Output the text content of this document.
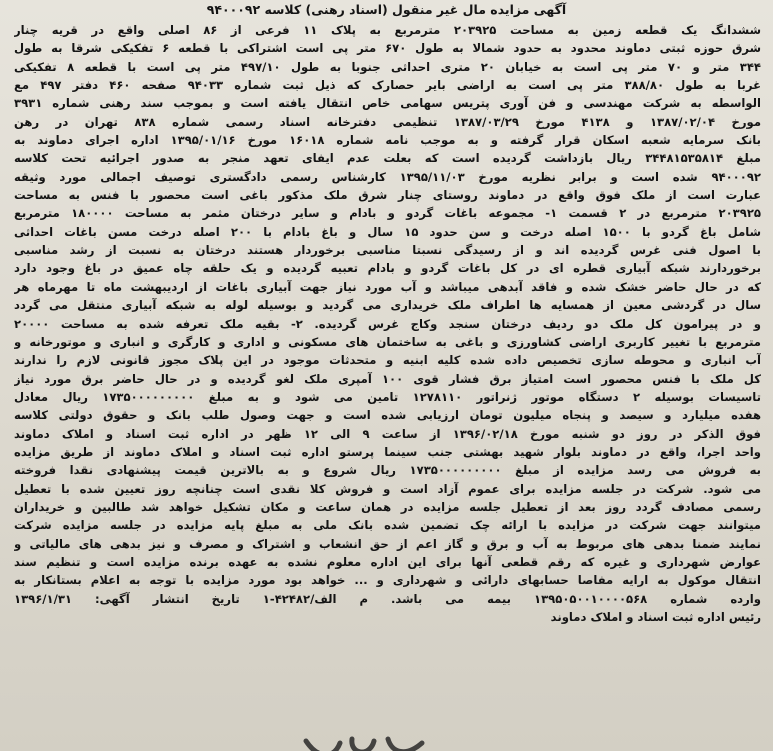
آگهی مزایده مال غیر منقول (اسناد رهنی) کلاسه ۹۴۰۰۰۹۲
ششدانگ یک قطعه زمین به مساحت ۲۰۳۹۲۵ مترمربع به پلاک ۱۱ فرعی از ۸۶ اصلی واقع در قریه چنار
شرق حوزه ثبتی دماوند محدود به حدود شمالا به طول ۶۷۰ متر پی است اشتراکی با قطعه ۶ تفکیکی شرقا به طول
۳۴۴ متر و ۷۰ متر پی است به خیابان ۲۰ متری احداثی جنوبا به طول ۴۹۷/۱۰ متر پی است با قطعه ۸ تفکیکی
غربا به طول ۳۸۸/۸۰ متر پی است به اراضی بایر حصارک که ذیل ثبت شماره ۹۴۰۳۳ صفحه ۴۶۰ دفتر ۴۹۷ مع
الواسطه به شرکت مهندسی و فن آوری پتریس سهامی خاص انتقال یافته است و بموجب سند رهنی شماره ۳۹۳۱
مورخ ۱۳۸۷/۰۲/۰۴ و ۴۱۳۸ مورخ ۱۳۸۷/۰۳/۲۹ تنظیمی دفترخانه اسناد رسمی شماره ۸۳۸ تهران در رهن
بانک سرمایه شعبه اسکان قرار گرفته و به موجب نامه شماره ۱۶۰۱۸ مورخ ۱۳۹۵/۰۱/۱۶ اداره اجرای دماوند به
مبلغ ۳۴۴۸۱۵۳۵۸۱۴ ریال بازداشت گردیده است که بعلت عدم ایفای تعهد منجر به صدور اجرائیه تحت کلاسه
۹۴۰۰۰۹۲ شده است و برابر نظریه مورخ ۱۳۹۵/۱۱/۰۳ کارشناس رسمی دادگستری توصیف اجمالی مورد وثیقه
عبارت است از ملک فوق واقع در دماوند روستای چنار شرق ملک مذکور باغی است محصور با فنس به مساحت
۲۰۳۹۲۵ مترمربع در ۲ قسمت ۱- مجموعه باغات گردو و بادام و سایر درختان مثمر به مساحت ۱۸۰۰۰۰ مترمربع
شامل باغ گردو با ۱۵۰۰ اصله درخت و سن حدود ۱۵ سال و باغ بادام با ۲۰۰ اصله درخت مسن باغات احداثی
با اصول فنی غرس گردیده اند و از رسیدگی نسبتا مناسبی برخوردار هستند درختان به نسبت از رشد مناسبی
برخوردارند شبکه آبیاری قطره ای در کل باغات گردو و بادام تعبیه گردیده و یک حلقه چاه عمیق در باغ وجود دارد
که در حال حاضر خشک شده و فاقد آبدهی میباشد و آب مورد نیاز جهت آبیاری باغات از اردیبهشت ماه تا مهرماه هر
سال در گردشی معین از همسایه ها اطراف ملک خریداری می گردید و بوسیله لوله به شبکه آبیاری منتقل می گردد
و در پیرامون کل ملک دو ردیف درختان سنجد وکاج غرس گردیده. ۲- بقیه ملک تعرفه شده به مساحت ۲۰۰۰۰
مترمربع با تغییر کاربری اراضی کشاورزی و باغی به ساختمان های مسکونی و اداری و کارگری و انباری و موتورخانه و
آب انباری و محوطه سازی تخصیص داده شده کلیه ابنیه و متحدثات موجود در این پلاک مجوز قانونی لازم را ندارند
کل ملک با فنس محصور است امتیاز برق فشار قوی ۱۰۰ آمپری ملک لغو گردیده و در حال حاضر برق مورد نیاز
تاسیسات بوسیله ۲ دستگاه موتور ژنراتور ۱۲۷۸۱۱۰ تامین می شود و به مبلغ ۱۷۳۵۰۰۰۰۰۰۰۰۰ ریال معادل
هفده میلیارد و سیصد و پنجاه میلیون تومان ارزیابی شده است و جهت وصول طلب بانک و حقوق دولتی کلاسه
فوق الذکر در روز دو شنبه مورخ ۱۳۹۶/۰۲/۱۸ از ساعت ۹ الی ۱۲ ظهر در اداره ثبت اسناد و املاک دماوند
واحد اجرا، واقع در دماوند بلوار شهید بهشتی جنب سینما پرستو اداره ثبت اسناد و املاک دماوند از طریق مزایده
به فروش می رسد مزایده از مبلغ ۱۷۳۵۰۰۰۰۰۰۰۰۰ ریال شروع و به بالاترین قیمت پیشنهادی نقدا فروخته
می شود. شرکت در جلسه مزایده برای عموم آزاد است و فروش کلا نقدی است چنانچه روز تعیین شده با تعطیل
رسمی مصادف گردد روز بعد از تعطیل جلسه مزایده در همان ساعت و مکان تشکیل خواهد شد طالبین و خریداران
میتوانند جهت شرکت در مزایده با ارائه چک تضمین شده بانک ملی به مبلغ پایه مزایده در جلسه مزایده شرکت
نمایند ضمنا بدهی های مربوط به آب و برق و گاز اعم از حق انشعاب و اشتراک و مصرف و نیز بدهی های مالیاتی و
عوارض شهرداری و غیره که رقم قطعی آنها برای این اداره معلوم نشده به عهده برنده مزایده است و تنظیم سند
انتقال موکول به ارایه مفاصا حسابهای دارائی و شهرداری و ... خواهد بود مورد مزایده با توجه به اعلام بستانکار به
وارده شماره ۱۳۹۵۰۵۰۰۱۰۰۰۰۵۶۸ بیمه می باشد. م الف/۴۲۴۸۲-۱ تاریخ انتشار آگهی: ۱۳۹۶/۱/۳۱
رئیس اداره ثبت اسناد و املاک دماوند
